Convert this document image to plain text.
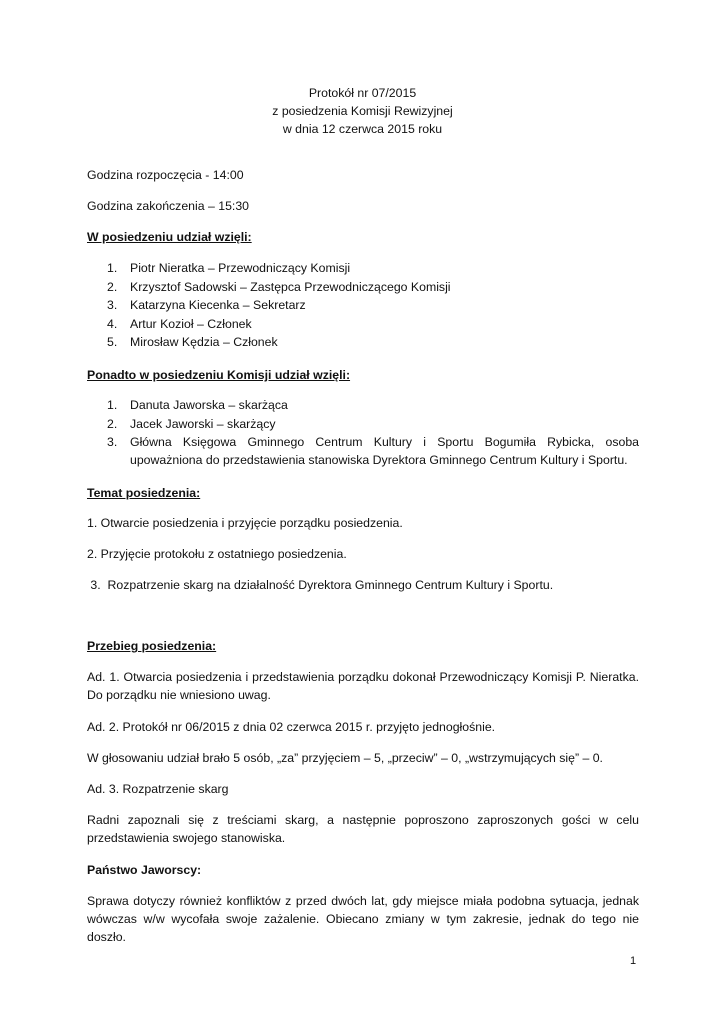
Protokół nr 07/2015
z posiedzenia Komisji Rewizyjnej
w dnia 12 czerwca 2015 roku
Godzina rozpoczęcia - 14:00
Godzina zakończenia – 15:30
W posiedzeniu udział wzięli:
1.	Piotr Nieratka – Przewodniczący Komisji
2.	Krzysztof Sadowski – Zastępca Przewodniczącego Komisji
3.	Katarzyna Kiecenka – Sekretarz
4.	Artur Kozioł – Członek
5.	Mirosław Kędzia – Członek
Ponadto w posiedzeniu Komisji udział wzięli:
1.	Danuta Jaworska – skarżąca
2.	Jacek Jaworski – skarżący
3.	Główna Księgowa Gminnego Centrum Kultury i Sportu Bogumiła Rybicka, osoba upoważniona do przedstawienia stanowiska Dyrektora Gminnego Centrum Kultury i Sportu.
Temat posiedzenia:
1. Otwarcie posiedzenia i przyjęcie porządku posiedzenia.
2. Przyjęcie protokołu z ostatniego posiedzenia.
3.  Rozpatrzenie skarg na działalność Dyrektora Gminnego Centrum Kultury i Sportu.
Przebieg posiedzenia:
Ad. 1. Otwarcia posiedzenia i przedstawienia porządku dokonał Przewodniczący Komisji P. Nieratka. Do porządku nie wniesiono uwag.
Ad. 2. Protokół nr 06/2015 z dnia 02 czerwca 2015 r. przyjęto jednogłośnie.
W głosowaniu udział brało 5 osób, „za” przyjęciem – 5, „przeciw” – 0, „wstrzymujących się” – 0.
Ad. 3. Rozpatrzenie skarg
Radni zapoznali się z treściami skarg, a następnie poproszono zaproszonych gości w celu przedstawienia swojego stanowiska.
Państwo Jaworscy:
Sprawa dotyczy również konfliktów z przed dwóch lat, gdy miejsce miała podobna sytuacja, jednak wówczas w/w wycofała swoje zażalenie. Obiecano zmiany w tym zakresie, jednak do tego nie doszło.
1
